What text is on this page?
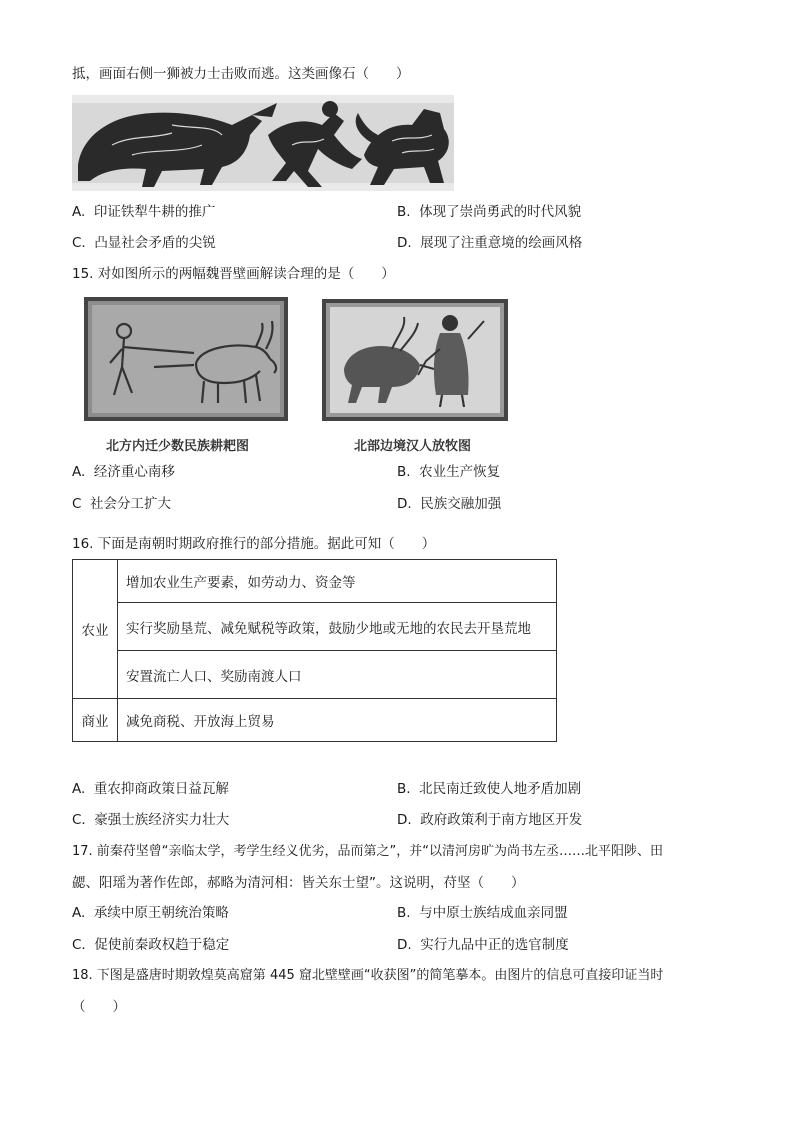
抵，画面右侧一狮被力士击败而逃。这类画像石（　　）
A. 印证铁犁牛耕的推广	B. 体现了崇尚勇武的时代风貌
C. 凸显社会矛盾的尖锐	D. 展现了注重意境的绘画风格
15. 对如图所示的两幅魏晋壁画解读合理的是（　　）
北方内迁少数民族耕耙图	北部边境汉人放牧图
A. 经济重心南移	B. 农业生产恢复
C 社会分工扩大	D. 民族交融加强
16. 下面是南朝时期政府推行的部分措施。据此可知（　　）
农业	增加农业生产要素，如劳动力、资金等
	实行奖励垦荒、减免赋税等政策，鼓励少地或无地的农民去开垦荒地
	安置流亡人口、奖励南渡人口
商业	减免商税、开放海上贸易
A. 重农抑商政策日益瓦解	B. 北民南迁致使人地矛盾加剧
C. 豪强士族经济实力壮大	D. 政府政策利于南方地区开发
17. 前秦苻坚曾“亲临太学，考学生经义优劣，品而第之”，并“以清河房旷为尚书左丞……北平阳陟、田
勰、阳瑶为著作佐郎，郝略为清河相：皆关东士望”。这说明，苻坚（　　）
A. 承续中原王朝统治策略	B. 与中原士族结成血亲同盟
C. 促使前秦政权趋于稳定	D. 实行九品中正的选官制度
18. 下图是盛唐时期敦煌莫高窟第 445 窟北壁壁画“收获图”的简笔摹本。由图片的信息可直接印证当时
（　　）
